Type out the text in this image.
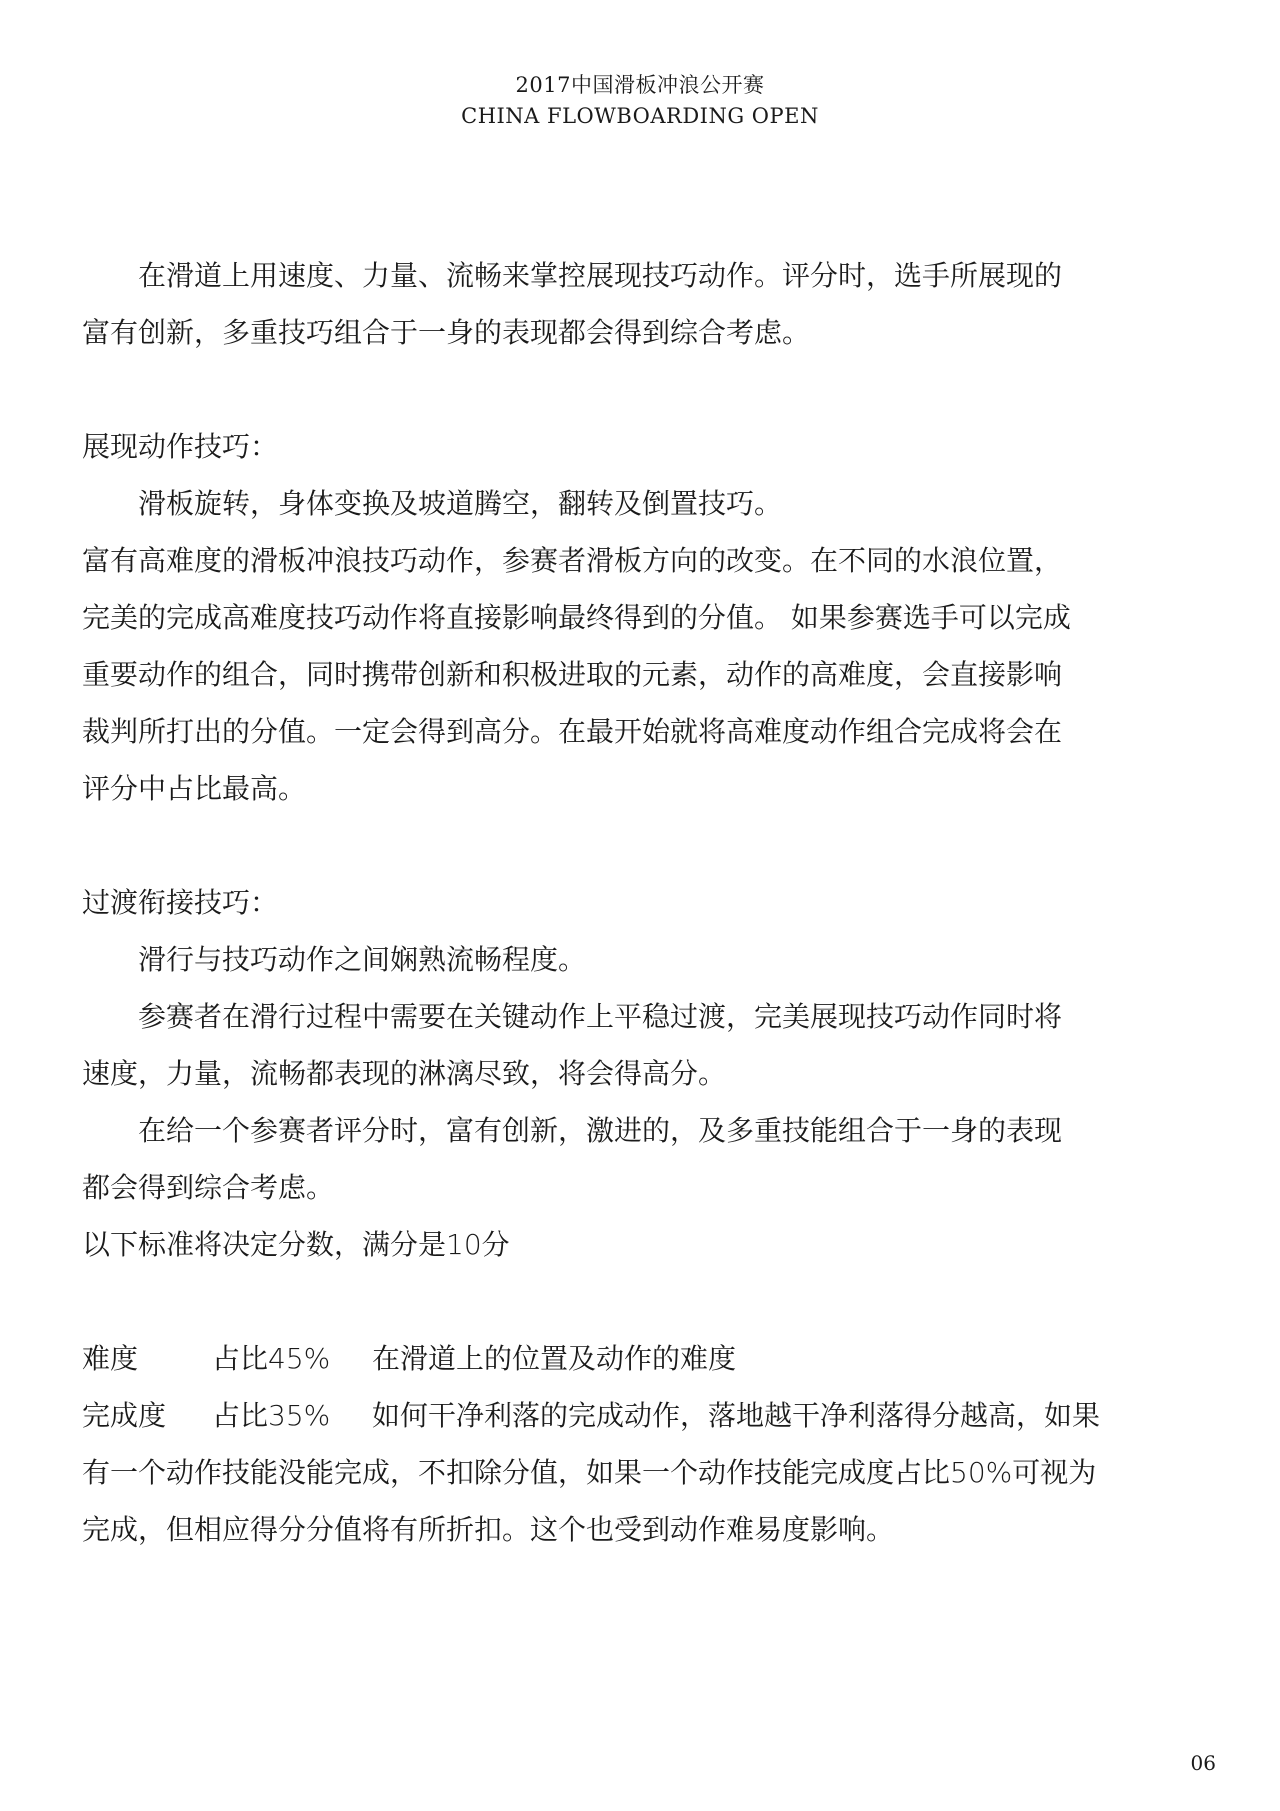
2017中国滑板冲浪公开赛
CHINA FLOWBOARDING OPEN

在滑道上用速度、力量、流畅来掌控展现技巧动作。评分时，选手所展现的

富有创新，多重技巧组合于一身的表现都会得到综合考虑。

展现动作技巧：

滑板旋转，身体变换及坡道腾空，翻转及倒置技巧。

富有高难度的滑板冲浪技巧动作，参赛者滑板方向的改变。在不同的水浪位置，

完美的完成高难度技巧动作将直接影响最终得到的分值。 如果参赛选手可以完成

重要动作的组合，同时携带创新和积极进取的元素，动作的高难度，会直接影响

裁判所打出的分值。一定会得到高分。在最开始就将高难度动作组合完成将会在

评分中占比最高。

过渡衔接技巧：

滑行与技巧动作之间娴熟流畅程度。

参赛者在滑行过程中需要在关键动作上平稳过渡，完美展现技巧动作同时将

速度，力量，流畅都表现的淋漓尽致，将会得高分。

在给一个参赛者评分时，富有创新，激进的，及多重技能组合于一身的表现

都会得到综合考虑。

以下标准将决定分数，满分是10分

难度	占比45%	在滑道上的位置及动作的难度
完成度	占比35%	如何干净利落的完成动作，落地越干净利落得分越高，如果

有一个动作技能没能完成，不扣除分值，如果一个动作技能完成度占比50%可视为

完成，但相应得分分值将有所折扣。这个也受到动作难易度影响。

06
